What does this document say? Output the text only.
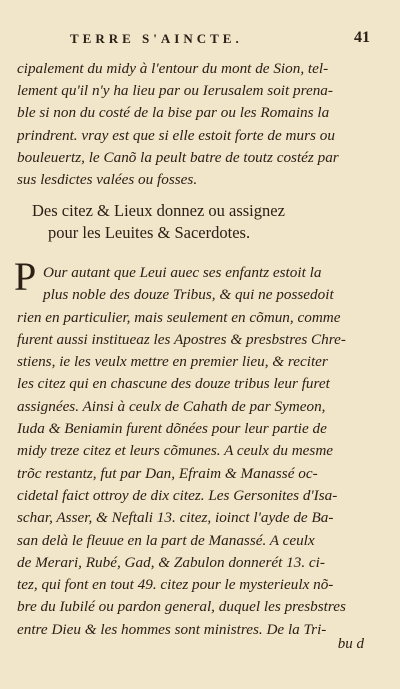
TERRE S'AINCTE.	41
cipalement du midy à l'entour du mont de Sion, tel-
lement qu'il n'y ha lieu par ou Ierusalem soit prena-
ble si non du costé de la bise par ou les Romains la
prindrent. vray est que si elle estoit forte de murs ou
bouleuertz, le Canõ la peult batre de toutz costéz par
sus lesdictes valées ou fosses.
Des citez & Lieux donnez ou assignez
pour les Leuites & Sacerdotes.
P Our autant que Leui auec ses enfantz estoit la
plus noble des douze Tribus, & qui ne possedoit
rien en particulier, mais seulement en cõmun, comme
furent aussi institueaz les Apostres & presbstres Chre-
stiens, ie les veulx mettre en premier lieu, & reciter
les citez qui en chascune des douze tribus leur furet
assignées. Ainsi à ceulx de Cahath de par Symeon,
Iuda & Beniamin furent dõnées pour leur partie de
midy treze citez et leurs cõmunes. A ceulx du mesme
trõc restantz, fut par Dan, Efraim & Manassé oc-
cidetal faict ottroy de dix citez. Les Gersonites d'Isa-
schar, Asser, & Neftali 13. citez, ioinct l'ayde de Ba-
san delà le fleuue en la part de Manassé. A ceulx
de Merari, Rubé, Gad, & Zabulon donnerét 13. ci-
tez, qui font en tout 49. citez pour le mysterieulx nõ-
bre du Iubilé ou pardon general, duquel les presbstres
entre Dieu & les hommes sont ministres. De la Tri-
bu d
